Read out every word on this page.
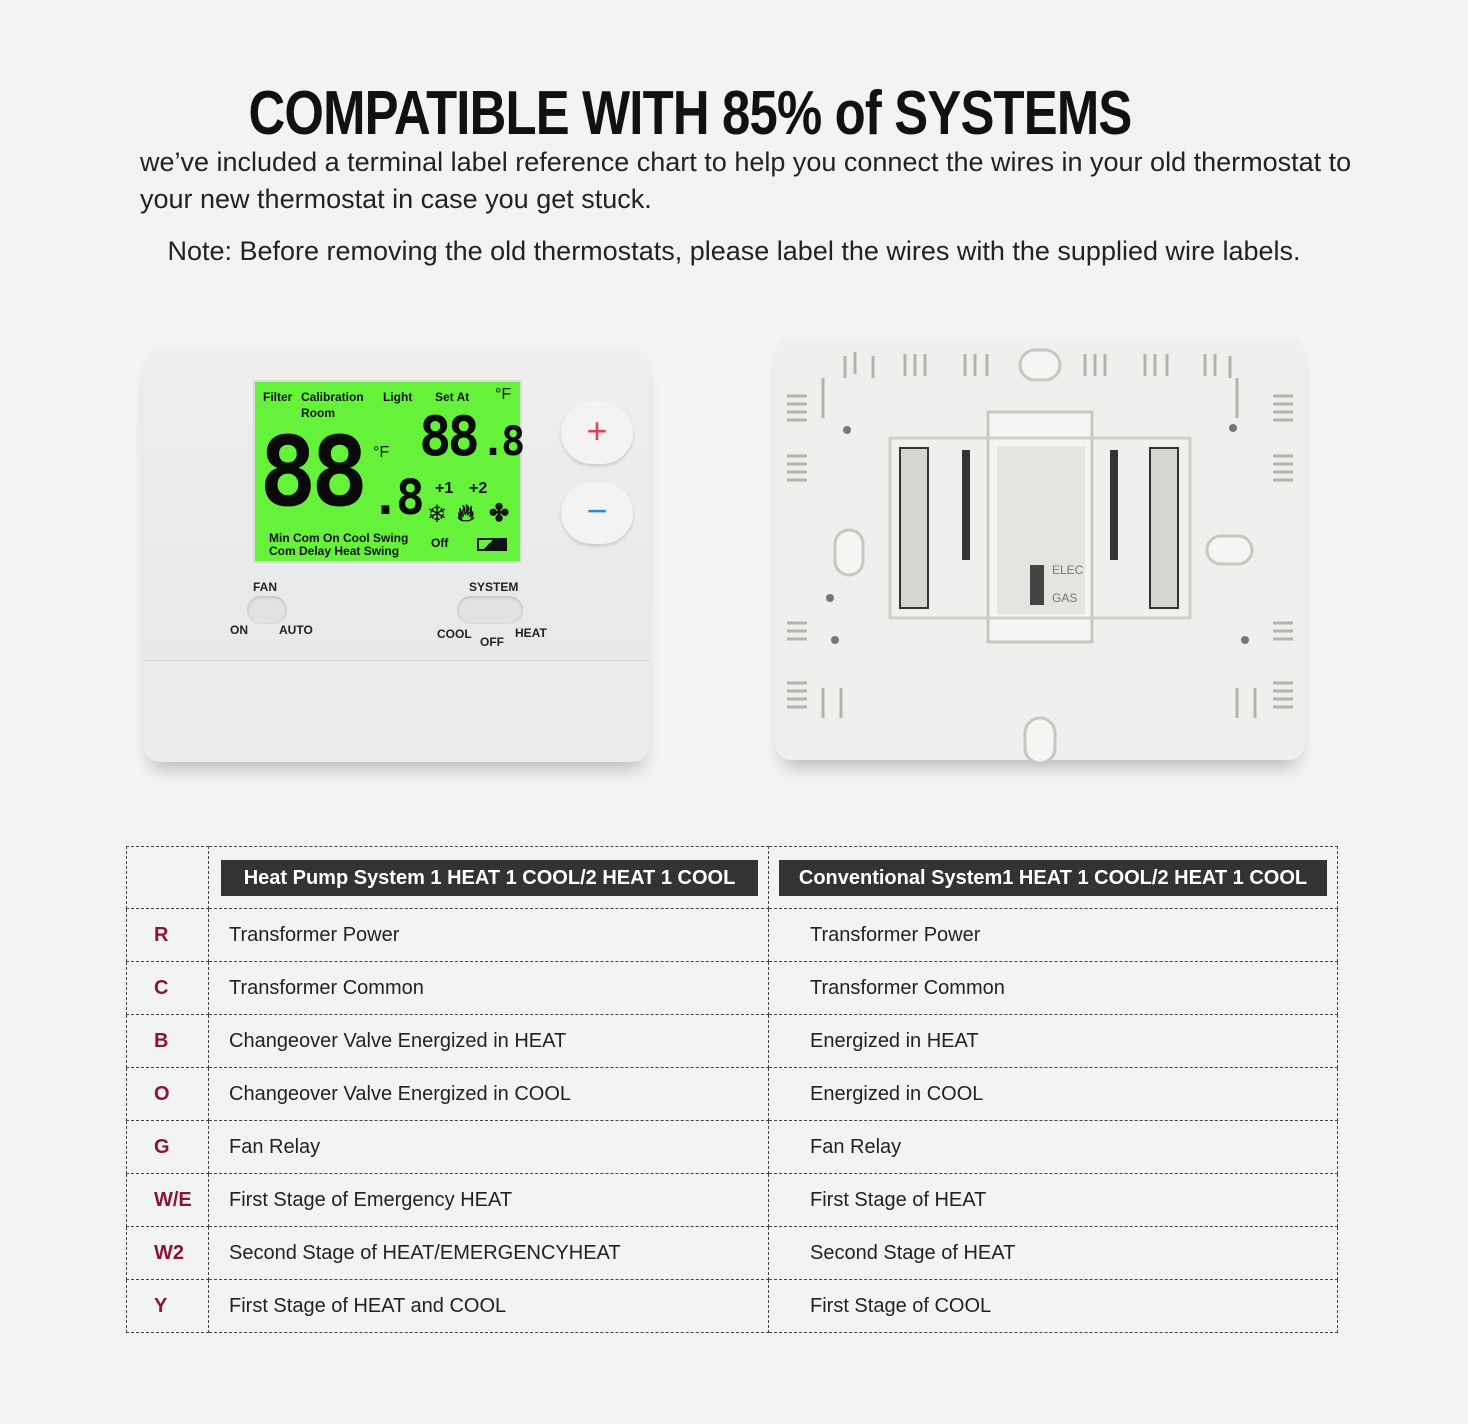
COMPATIBLE WITH 85% of SYSTEMS
we’ve included a terminal label reference chart to help you connect the wires in your old thermostat to your new thermostat in case you get stuck.
Note: Before removing the old thermostats, please label the wires with the supplied wire labels.
Filter Calibration Light
Room
Set At °F
88 °F
.8
88 .8
+1 +2
❄ 🔥︎ ✤
Min Com On Cool Swing
Com Delay Heat Swing
Off
+
−
FAN
ON	AUTO
SYSTEM
COOL
OFF
HEAT
ELEC
GAS

	Heat Pump System 1 HEAT 1 COOL/2 HEAT 1 COOL	Conventional System1 HEAT 1 COOL/2 HEAT 1 COOL

R	Transformer Power	Transformer Power
C	Transformer Common	Transformer Common
B	Changeover Valve Energized in HEAT	Energized in HEAT
O	Changeover Valve Energized in COOL	Energized in COOL
G	Fan Relay	Fan Relay
W/E	First Stage of Emergency HEAT	First Stage of HEAT
W2	Second Stage of HEAT/EMERGENCYHEAT	Second Stage of HEAT
Y	First Stage of HEAT and COOL	First Stage of COOL
